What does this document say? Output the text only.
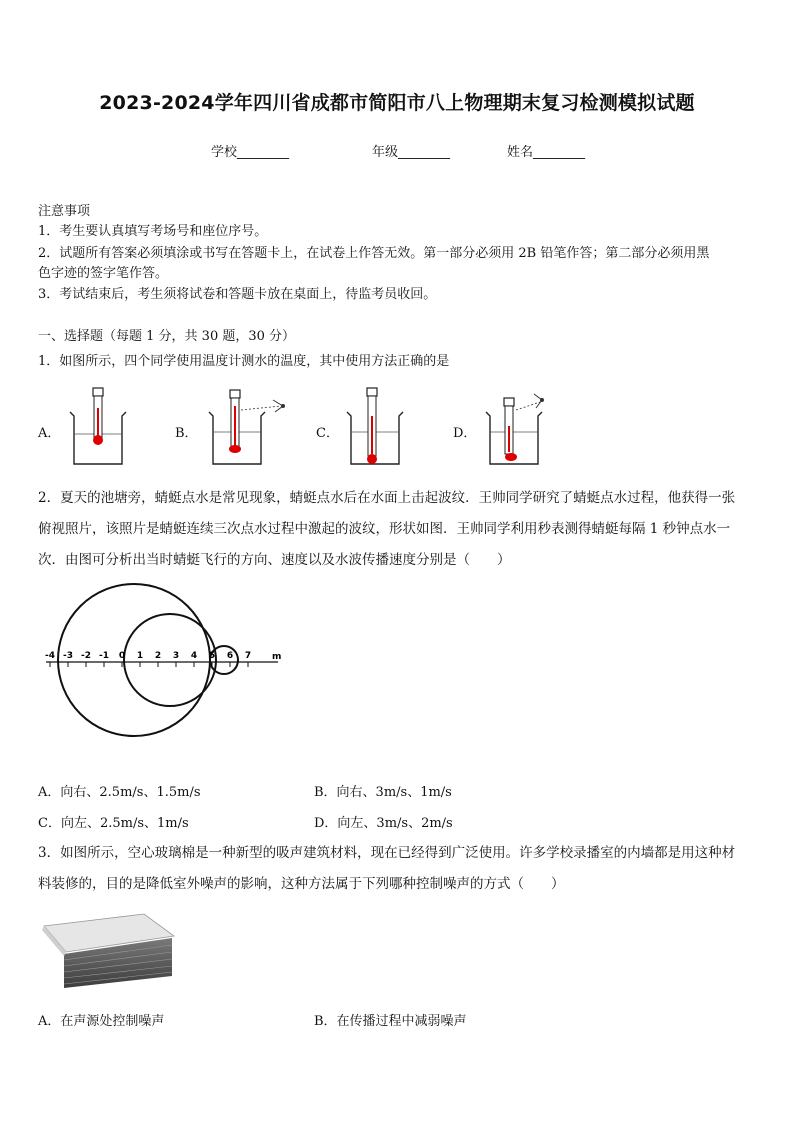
2023-2024学年四川省成都市简阳市八上物理期末复习检测模拟试题
学校________	年级________	姓名________
注意事项
1．考生要认真填写考场号和座位序号。
2．试题所有答案必须填涂或书写在答题卡上，在试卷上作答无效。第一部分必须用 2B 铅笔作答；第二部分必须用黑
色字迹的签字笔作答。
3．考试结束后，考生须将试卷和答题卡放在桌面上，待监考员收回。
一、选择题（每题 1 分，共 30 题，30 分）
1．如图所示，四个同学使用温度计测水的温度，其中使用方法正确的是
A．	B．	C．	D．
2．夏天的池塘旁，蜻蜓点水是常见现象，蜻蜓点水后在水面上击起波纹．王帅同学研究了蜻蜓点水过程，他获得一张
俯视照片，该照片是蜻蜓连续三次点水过程中激起的波纹，形状如图．王帅同学利用秒表测得蜻蜓每隔 1 秒钟点水一
次．由图可分析出当时蜻蜓飞行的方向、速度以及水波传播速度分别是（　　）
-4 -3 -2 -1 0 1 2 3 4 5 6 7 m
A．向右、2.5m/s、1.5m/s	B．向右、3m/s、1m/s
C．向左、2.5m/s、1m/s	D．向左、3m/s、2m/s
3．如图所示，空心玻璃棉是一种新型的吸声建筑材料，现在已经得到广泛使用。许多学校录播室的内墙都是用这种材
料装修的，目的是降低室外噪声的影响，这种方法属于下列哪种控制噪声的方式（　　）
A．在声源处控制噪声	B．在传播过程中减弱噪声
